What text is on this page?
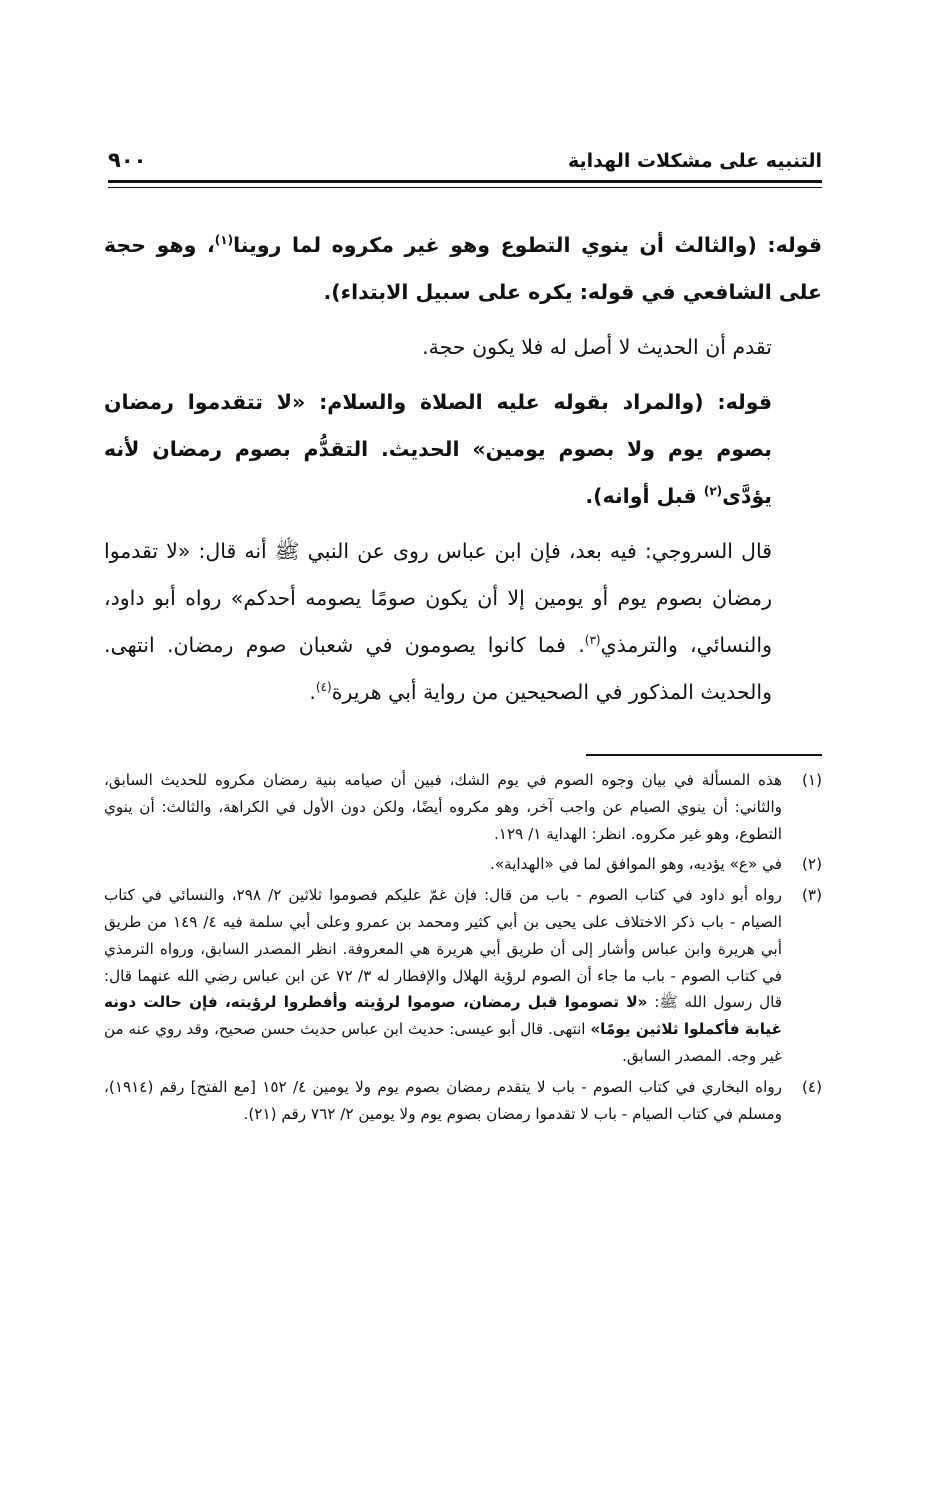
التنبيه على مشكلات الهداية
٩٠٠

قوله: (والثالث أن ينوي التطوع وهو غير مكروه لما روينا$^{(١)}$، وهو حجة على الشافعي في قوله: يكره على سبيل الابتداء).

تقدم أن الحديث لا أصل له فلا يكون حجة.

قوله: (والمراد بقوله عليه الصلاة والسلام: «لا تتقدموا رمضان بصوم يوم ولا بصوم يومين» الحديث. التقدُّم بصوم رمضان لأنه يؤدَّى$^{(٢)}$ قبل أوانه).

قال السروجي: فيه بعد، فإن ابن عباس روى عن النبي ﷺ أنه قال: «لا تقدموا رمضان بصوم يوم أو يومين إلا أن يكون صومًا يصومه أحدكم» رواه أبو داود، والنسائي، والترمذي$^{(٣)}$. فما كانوا يصومون في شعبان صوم رمضان. انتهى. والحديث المذكور في الصحيحين من رواية أبي هريرة$^{(٤)}$.

(١)
هذه المسألة في بيان وجوه الصوم في يوم الشك، فبين أن صيامه بنية رمضان مكروه للحديث السابق، والثاني: أن ينوي الصيام عن واجب آخر، وهو مكروه أيضًا، ولكن دون الأول في الكراهة، والثالث: أن ينوي التطوع، وهو غير مكروه. انظر: الهداية ١/ ١٢٩.
(٢)
في «ع» يؤديه، وهو الموافق لما في «الهداية».
(٣)
رواه أبو داود في كتاب الصوم - باب من قال: فإن غمّ عليكم فصوموا ثلاثين ٢/ ٢٩٨، والنسائي في كتاب الصيام - باب ذكر الاختلاف على يحيى بن أبي كثير ومحمد بن عمرو وعلى أبي سلمة فيه ٤/ ١٤٩ من طريق أبي هريرة وابن عباس وأشار إلى أن طريق أبي هريرة هي المعروفة. انظر المصدر السابق، ورواه الترمذي في كتاب الصوم - باب ما جاء أن الصوم لرؤية الهلال والإفطار له ٣/ ٧٢ عن ابن عباس رضي الله عنهما قال: قال رسول الله ﷺ: «لا تصوموا قبل رمضان، صوموا لرؤيته وأفطروا لرؤيته، فإن حالت دونه غيابة فأكملوا ثلاثين يومًا» انتهى. قال أبو عيسى: حديث ابن عباس حديث حسن صحيح، وقد روي عنه من غير وجه. المصدر السابق.
(٤)
رواه البخاري في كتاب الصوم - باب لا يتقدم رمضان بصوم يوم ولا يومين ٤/ ١٥٢ [مع الفتح] رقم (١٩١٤)، ومسلم في كتاب الصيام - باب لا تقدموا رمضان بصوم يوم ولا يومين ٢/ ٧٦٢ رقم (٢١).
